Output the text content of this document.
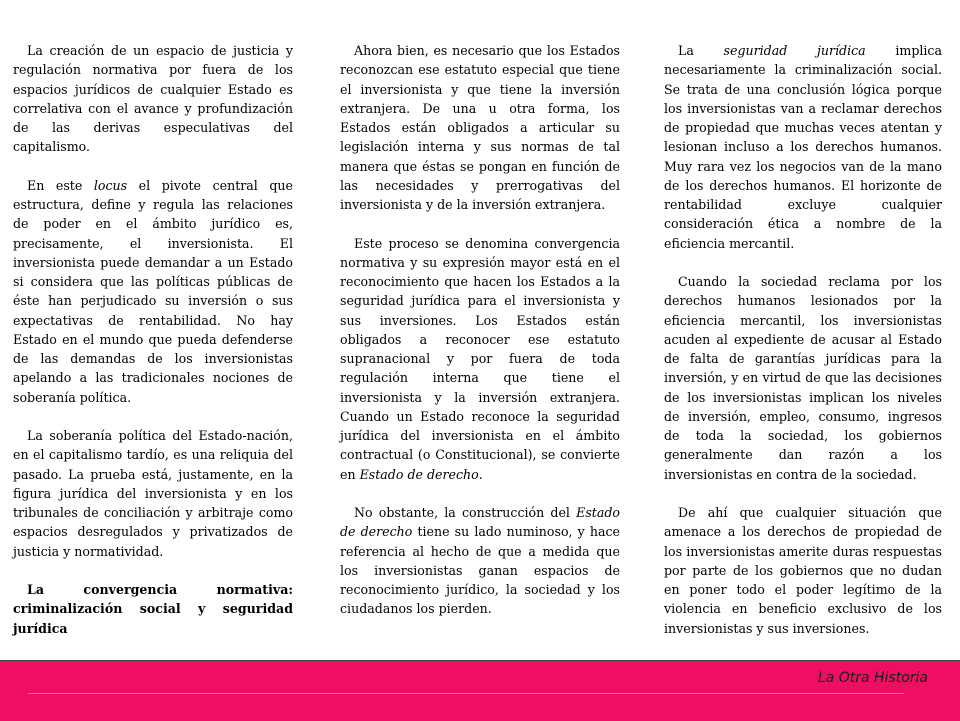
La creación de un espacio de justicia y regulación normativa por fuera de los espacios jurídicos de cualquier Estado es correlativa con el avance y profundización de las derivas especulativas del capitalismo.

En este locus el pivote central que estructura, define y regula las relaciones de poder en el ámbito jurídico es, precisamente, el inversionista. El inversionista puede demandar a un Estado si considera que las políticas públicas de éste han perjudicado su inversión o sus expectativas de rentabilidad. No hay Estado en el mundo que pueda defenderse de las demandas de los inversionistas apelando a las tradicionales nociones de soberanía política.

La soberanía política del Estado-nación, en el capitalismo tardío, es una reliquia del pasado. La prueba está, justamente, en la figura jurídica del inversionista y en los tribunales de conciliación y arbitraje como espacios desregulados y privatizados de justicia y normatividad.

La convergencia normativa: criminalización social y seguridad jurídica

Ahora bien, es necesario que los Estados reconozcan ese estatuto especial que tiene el inversionista y que tiene la inversión extranjera. De una u otra forma, los Estados están obligados a articular su legislación interna y sus normas de tal manera que éstas se pongan en función de las necesidades y prerrogativas del inversionista y de la inversión extranjera.

Este proceso se denomina convergencia normativa y su expresión mayor está en el reconocimiento que hacen los Estados a la seguridad jurídica para el inversionista y sus inversiones. Los Estados están obligados a reconocer ese estatuto supranacional y por fuera de toda regulación interna que tiene el inversionista y la inversión extranjera. Cuando un Estado reconoce la seguridad jurídica del inversionista en el ámbito contractual (o Constitucional), se convierte en Estado de derecho.

No obstante, la construcción del Estado de derecho tiene su lado numinoso, y hace referencia al hecho de que a medida que los inversionistas ganan espacios de reconocimiento jurídico, la sociedad y los ciudadanos los pierden.

La seguridad jurídica implica necesariamente la criminalización social. Se trata de una conclusión lógica porque los inversionistas van a reclamar derechos de propiedad que muchas veces atentan y lesionan incluso a los derechos humanos. Muy rara vez los negocios van de la mano de los derechos humanos. El horizonte de rentabilidad excluye cualquier consideración ética a nombre de la eficiencia mercantil.

Cuando la sociedad reclama por los derechos humanos lesionados por la eficiencia mercantil, los inversionistas acuden al expediente de acusar al Estado de falta de garantías jurídicas para la inversión, y en virtud de que las decisiones de los inversionistas implican los niveles de inversión, empleo, consumo, ingresos de toda la sociedad, los gobiernos generalmente dan razón a los inversionistas en contra de la sociedad.

De ahí que cualquier situación que amenace a los derechos de propiedad de los inversionistas amerite duras respuestas por parte de los gobiernos que no dudan en poner todo el poder legítimo de la violencia en beneficio exclusivo de los inversionistas y sus inversiones.

La Otra Historia
